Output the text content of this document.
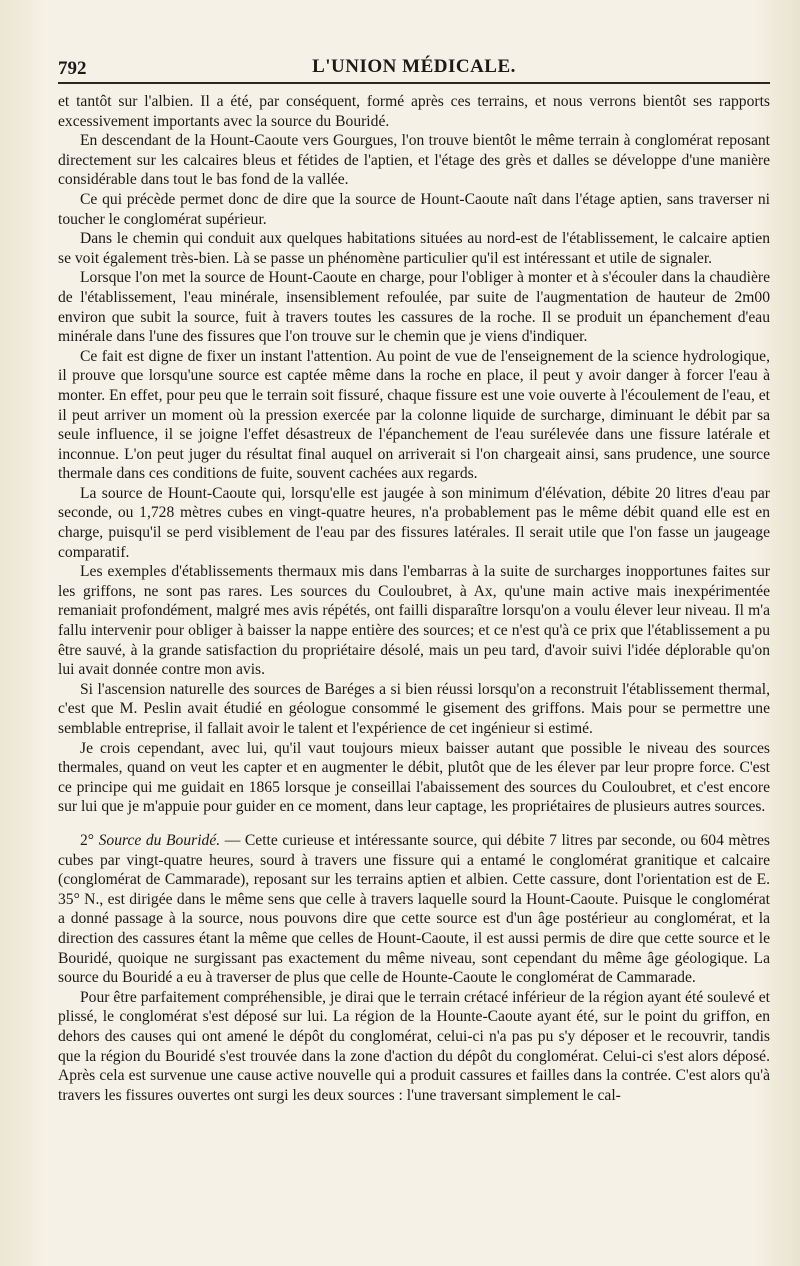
792	L'UNION MÉDICALE.

et tantôt sur l'albien. Il a été, par conséquent, formé après ces terrains, et nous verrons bientôt ses rapports excessivement importants avec la source du Bouridé.

En descendant de la Hount-Caoute vers Gourgues, l'on trouve bientôt le même terrain à conglomérat reposant directement sur les calcaires bleus et fétides de l'aptien, et l'étage des grès et dalles se développe d'une manière considérable dans tout le bas fond de la vallée.

Ce qui précède permet donc de dire que la source de Hount-Caoute naît dans l'étage aptien, sans traverser ni toucher le conglomérat supérieur.

Dans le chemin qui conduit aux quelques habitations situées au nord-est de l'établissement, le calcaire aptien se voit également très-bien. Là se passe un phénomène particulier qu'il est intéressant et utile de signaler.

Lorsque l'on met la source de Hount-Caoute en charge, pour l'obliger à monter et à s'écouler dans la chaudière de l'établissement, l'eau minérale, insensiblement refoulée, par suite de l'augmentation de hauteur de 2m00 environ que subit la source, fuit à travers toutes les cassures de la roche. Il se produit un épanchement d'eau minérale dans l'une des fissures que l'on trouve sur le chemin que je viens d'indiquer.

Ce fait est digne de fixer un instant l'attention. Au point de vue de l'enseignement de la science hydrologique, il prouve que lorsqu'une source est captée même dans la roche en place, il peut y avoir danger à forcer l'eau à monter. En effet, pour peu que le terrain soit fissuré, chaque fissure est une voie ouverte à l'écoulement de l'eau, et il peut arriver un moment où la pression exercée par la colonne liquide de surcharge, diminuant le débit par sa seule influence, il se joigne l'effet désastreux de l'épanchement de l'eau surélevée dans une fissure latérale et inconnue. L'on peut juger du résultat final auquel on arriverait si l'on chargeait ainsi, sans prudence, une source thermale dans ces conditions de fuite, souvent cachées aux regards.

La source de Hount-Caoute qui, lorsqu'elle est jaugée à son minimum d'élévation, débite 20 litres d'eau par seconde, ou 1,728 mètres cubes en vingt-quatre heures, n'a probablement pas le même débit quand elle est en charge, puisqu'il se perd visiblement de l'eau par des fissures latérales. Il serait utile que l'on fasse un jaugeage comparatif.

Les exemples d'établissements thermaux mis dans l'embarras à la suite de surcharges inopportunes faites sur les griffons, ne sont pas rares. Les sources du Couloubret, à Ax, qu'une main active mais inexpérimentée remaniait profondément, malgré mes avis répétés, ont failli disparaître lorsqu'on a voulu élever leur niveau. Il m'a fallu intervenir pour obliger à baisser la nappe entière des sources; et ce n'est qu'à ce prix que l'établissement a pu être sauvé, à la grande satisfaction du propriétaire désolé, mais un peu tard, d'avoir suivi l'idée déplorable qu'on lui avait donnée contre mon avis.

Si l'ascension naturelle des sources de Baréges a si bien réussi lorsqu'on a reconstruit l'établissement thermal, c'est que M. Peslin avait étudié en géologue consommé le gisement des griffons. Mais pour se permettre une semblable entreprise, il fallait avoir le talent et l'expérience de cet ingénieur si estimé.

Je crois cependant, avec lui, qu'il vaut toujours mieux baisser autant que possible le niveau des sources thermales, quand on veut les capter et en augmenter le débit, plutôt que de les élever par leur propre force. C'est ce principe qui me guidait en 1865 lorsque je conseillai l'abaissement des sources du Couloubret, et c'est encore sur lui que je m'appuie pour guider en ce moment, dans leur captage, les propriétaires de plusieurs autres sources.

2° Source du Bouridé. — Cette curieuse et intéressante source, qui débite 7 litres par seconde, ou 604 mètres cubes par vingt-quatre heures, sourd à travers une fissure qui a entamé le conglomérat granitique et calcaire (conglomérat de Cammarade), reposant sur les terrains aptien et albien. Cette cassure, dont l'orientation est de E. 35° N., est dirigée dans le même sens que celle à travers laquelle sourd la Hount-Caoute. Puisque le conglomérat a donné passage à la source, nous pouvons dire que cette source est d'un âge postérieur au conglomérat, et la direction des cassures étant la même que celles de Hount-Caoute, il est aussi permis de dire que cette source et le Bouridé, quoique ne surgissant pas exactement du même niveau, sont cependant du même âge géologique. La source du Bouridé a eu à traverser de plus que celle de Hounte-Caoute le conglomérat de Cammarade.

Pour être parfaitement compréhensible, je dirai que le terrain crétacé inférieur de la région ayant été soulevé et plissé, le conglomérat s'est déposé sur lui. La région de la Hounte-Caoute ayant été, sur le point du griffon, en dehors des causes qui ont amené le dépôt du conglomérat, celui-ci n'a pas pu s'y déposer et le recouvrir, tandis que la région du Bouridé s'est trouvée dans la zone d'action du dépôt du conglomérat. Celui-ci s'est alors déposé. Après cela est survenue une cause active nouvelle qui a produit cassures et failles dans la contrée. C'est alors qu'à travers les fissures ouvertes ont surgi les deux sources : l'une traversant simplement le cal-
